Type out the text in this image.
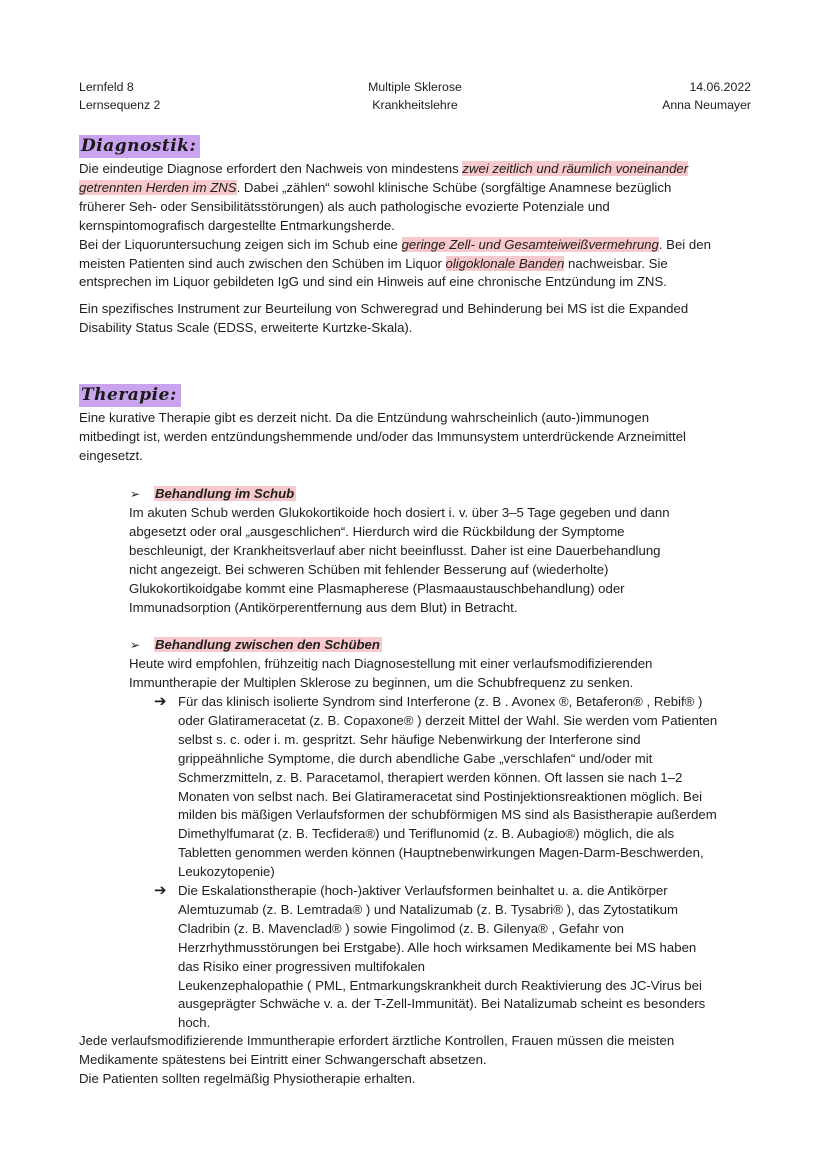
Lernfeld 8
Lernsequenz 2
Multiple Sklerose
Krankheitslehre
14.06.2022
Anna Neumayer
Diagnostik:

Die eindeutige Diagnose erfordert den Nachweis von mindestens zwei zeitlich und räumlich voneinander

getrennten Herden im ZNS. Dabei „zählen“ sowohl klinische Schübe (sorgfältige Anamnese bezüglich

früherer Seh- oder Sensibilitätsstörungen) als auch pathologische evozierte Potenziale und

kernspintomografisch dargestellte Entmarkungsherde.

Bei der Liquoruntersuchung zeigen sich im Schub eine geringe Zell- und Gesamteiweißvermehrung. Bei den

meisten Patienten sind auch zwischen den Schüben im Liquor oligoklonale Banden nachweisbar. Sie

entsprechen im Liquor gebildeten IgG und sind ein Hinweis auf eine chronische Entzündung im ZNS.

Ein spezifisches Instrument zur Beurteilung von Schweregrad und Behinderung bei MS ist die Expanded

Disability Status Scale (EDSS, erweiterte Kurtzke-Skala).

Therapie:

Eine kurative Therapie gibt es derzeit nicht. Da die Entzündung wahrscheinlich (auto-)immunogen

mitbedingt ist, werden entzündungshemmende und/oder das Immunsystem unterdrückende Arzneimittel

eingesetzt.

➢ Behandlung im Schub

Im akuten Schub werden Glukokortikoide hoch dosiert i. v. über 3–5 Tage gegeben und dann

abgesetzt oder oral „ausgeschlichen“. Hierdurch wird die Rückbildung der Symptome

beschleunigt, der Krankheitsverlauf aber nicht beeinflusst. Daher ist eine Dauerbehandlung

nicht angezeigt. Bei schweren Schüben mit fehlender Besserung auf (wiederholte)

Glukokortikoidgabe kommt eine Plasmapherese (Plasmaaustauschbehandlung) oder

Immunadsorption (Antikörperentfernung aus dem Blut) in Betracht.

➢ Behandlung zwischen den Schüben

Heute wird empfohlen, frühzeitig nach Diagnosestellung mit einer verlaufsmodifizierenden

Immuntherapie der Multiplen Sklerose zu beginnen, um die Schubfrequenz zu senken.

➔ Für das klinisch isolierte Syndrom sind Interferone (z. B . Avonex ®, Betaferon® , Rebif® )

oder Glatirameracetat (z. B. Copaxone® ) derzeit Mittel der Wahl. Sie werden vom Patienten

selbst s. c. oder i. m. gespritzt. Sehr häufige Nebenwirkung der Interferone sind

grippeähnliche Symptome, die durch abendliche Gabe „verschlafen“ und/oder mit

Schmerzmitteln, z. B. Paracetamol, therapiert werden können. Oft lassen sie nach 1–2

Monaten von selbst nach. Bei Glatirameracetat sind Postinjektionsreaktionen möglich. Bei

milden bis mäßigen Verlaufsformen der schubförmigen MS sind als Basistherapie außerdem

Dimethylfumarat (z. B. Tecfidera®) und Teriflunomid (z. B. Aubagio®) möglich, die als

Tabletten genommen werden können (Hauptnebenwirkungen Magen-Darm-Beschwerden,

Leukozytopenie)

➔ Die Eskalationstherapie (hoch-)aktiver Verlaufsformen beinhaltet u. a. die Antikörper

Alemtuzumab (z. B. Lemtrada® ) und Natalizumab (z. B. Tysabri® ), das Zytostatikum

Cladribin (z. B. Mavenclad® ) sowie Fingolimod (z. B. Gilenya® , Gefahr von

Herzrhythmusstörungen bei Erstgabe). Alle hoch wirksamen Medikamente bei MS haben

das Risiko einer progressiven multifokalen

Leukenzephalopathie ( PML, Entmarkungskrankheit durch Reaktivierung des JC-Virus bei

ausgeprägter Schwäche v. a. der T-Zell-Immunität). Bei Natalizumab scheint es besonders

hoch.

Jede verlaufsmodifizierende Immuntherapie erfordert ärztliche Kontrollen, Frauen müssen die meisten

Medikamente spätestens bei Eintritt einer Schwangerschaft absetzen.

Die Patienten sollten regelmäßig Physiotherapie erhalten.
